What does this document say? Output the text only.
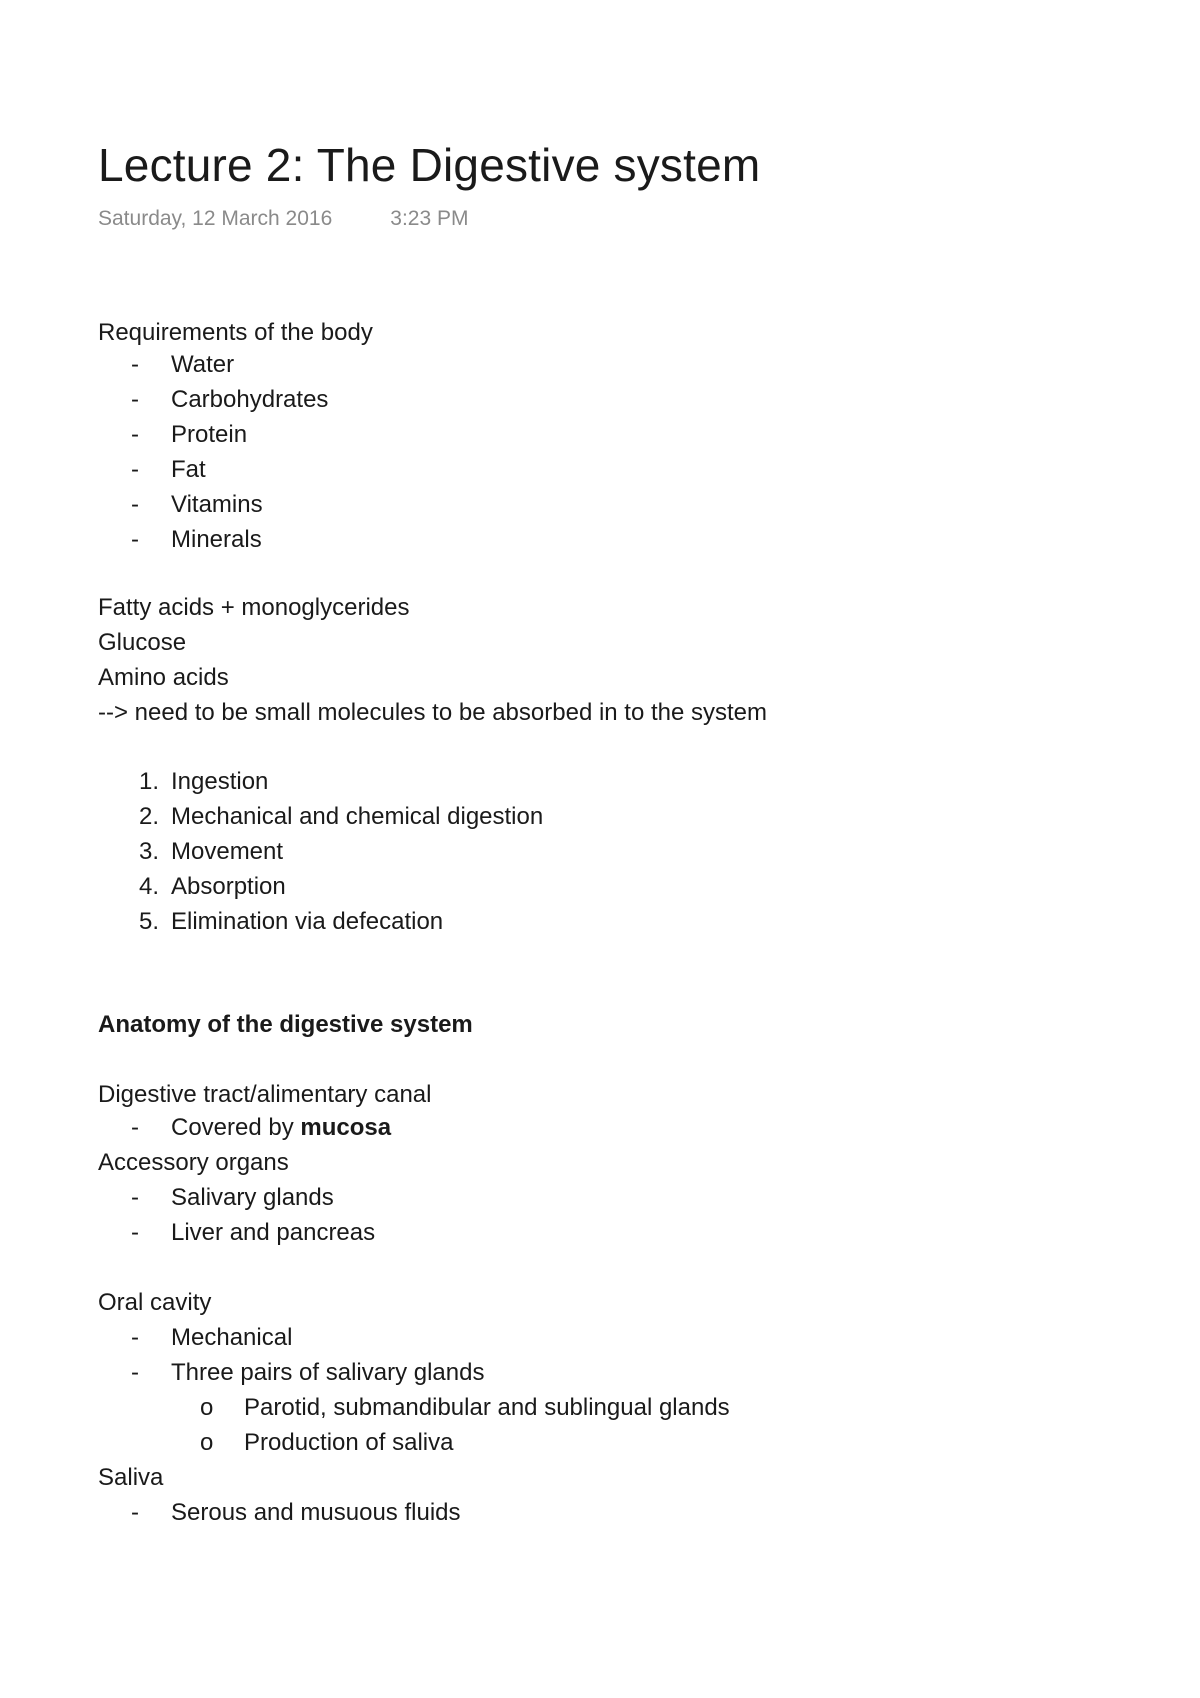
Lecture 2: The Digestive system
Saturday, 12 March 2016	3:23 PM
Requirements of the body
-	Water
-	Carbohydrates
-	Protein
-	Fat
-	Vitamins
-	Minerals
Fatty acids + monoglycerides
Glucose
Amino acids
--> need to be small molecules to be absorbed in to the system
1. Ingestion
2. Mechanical and chemical digestion
3. Movement
4. Absorption
5. Elimination via defecation
Anatomy of the digestive system
Digestive tract/alimentary canal
-	Covered by mucosa
Accessory organs
-	Salivary glands
-	Liver and pancreas
Oral cavity
-	Mechanical
-	Three pairs of salivary glands
o	Parotid, submandibular and sublingual glands
o	Production of saliva
Saliva
-	Serous and musuous fluids
